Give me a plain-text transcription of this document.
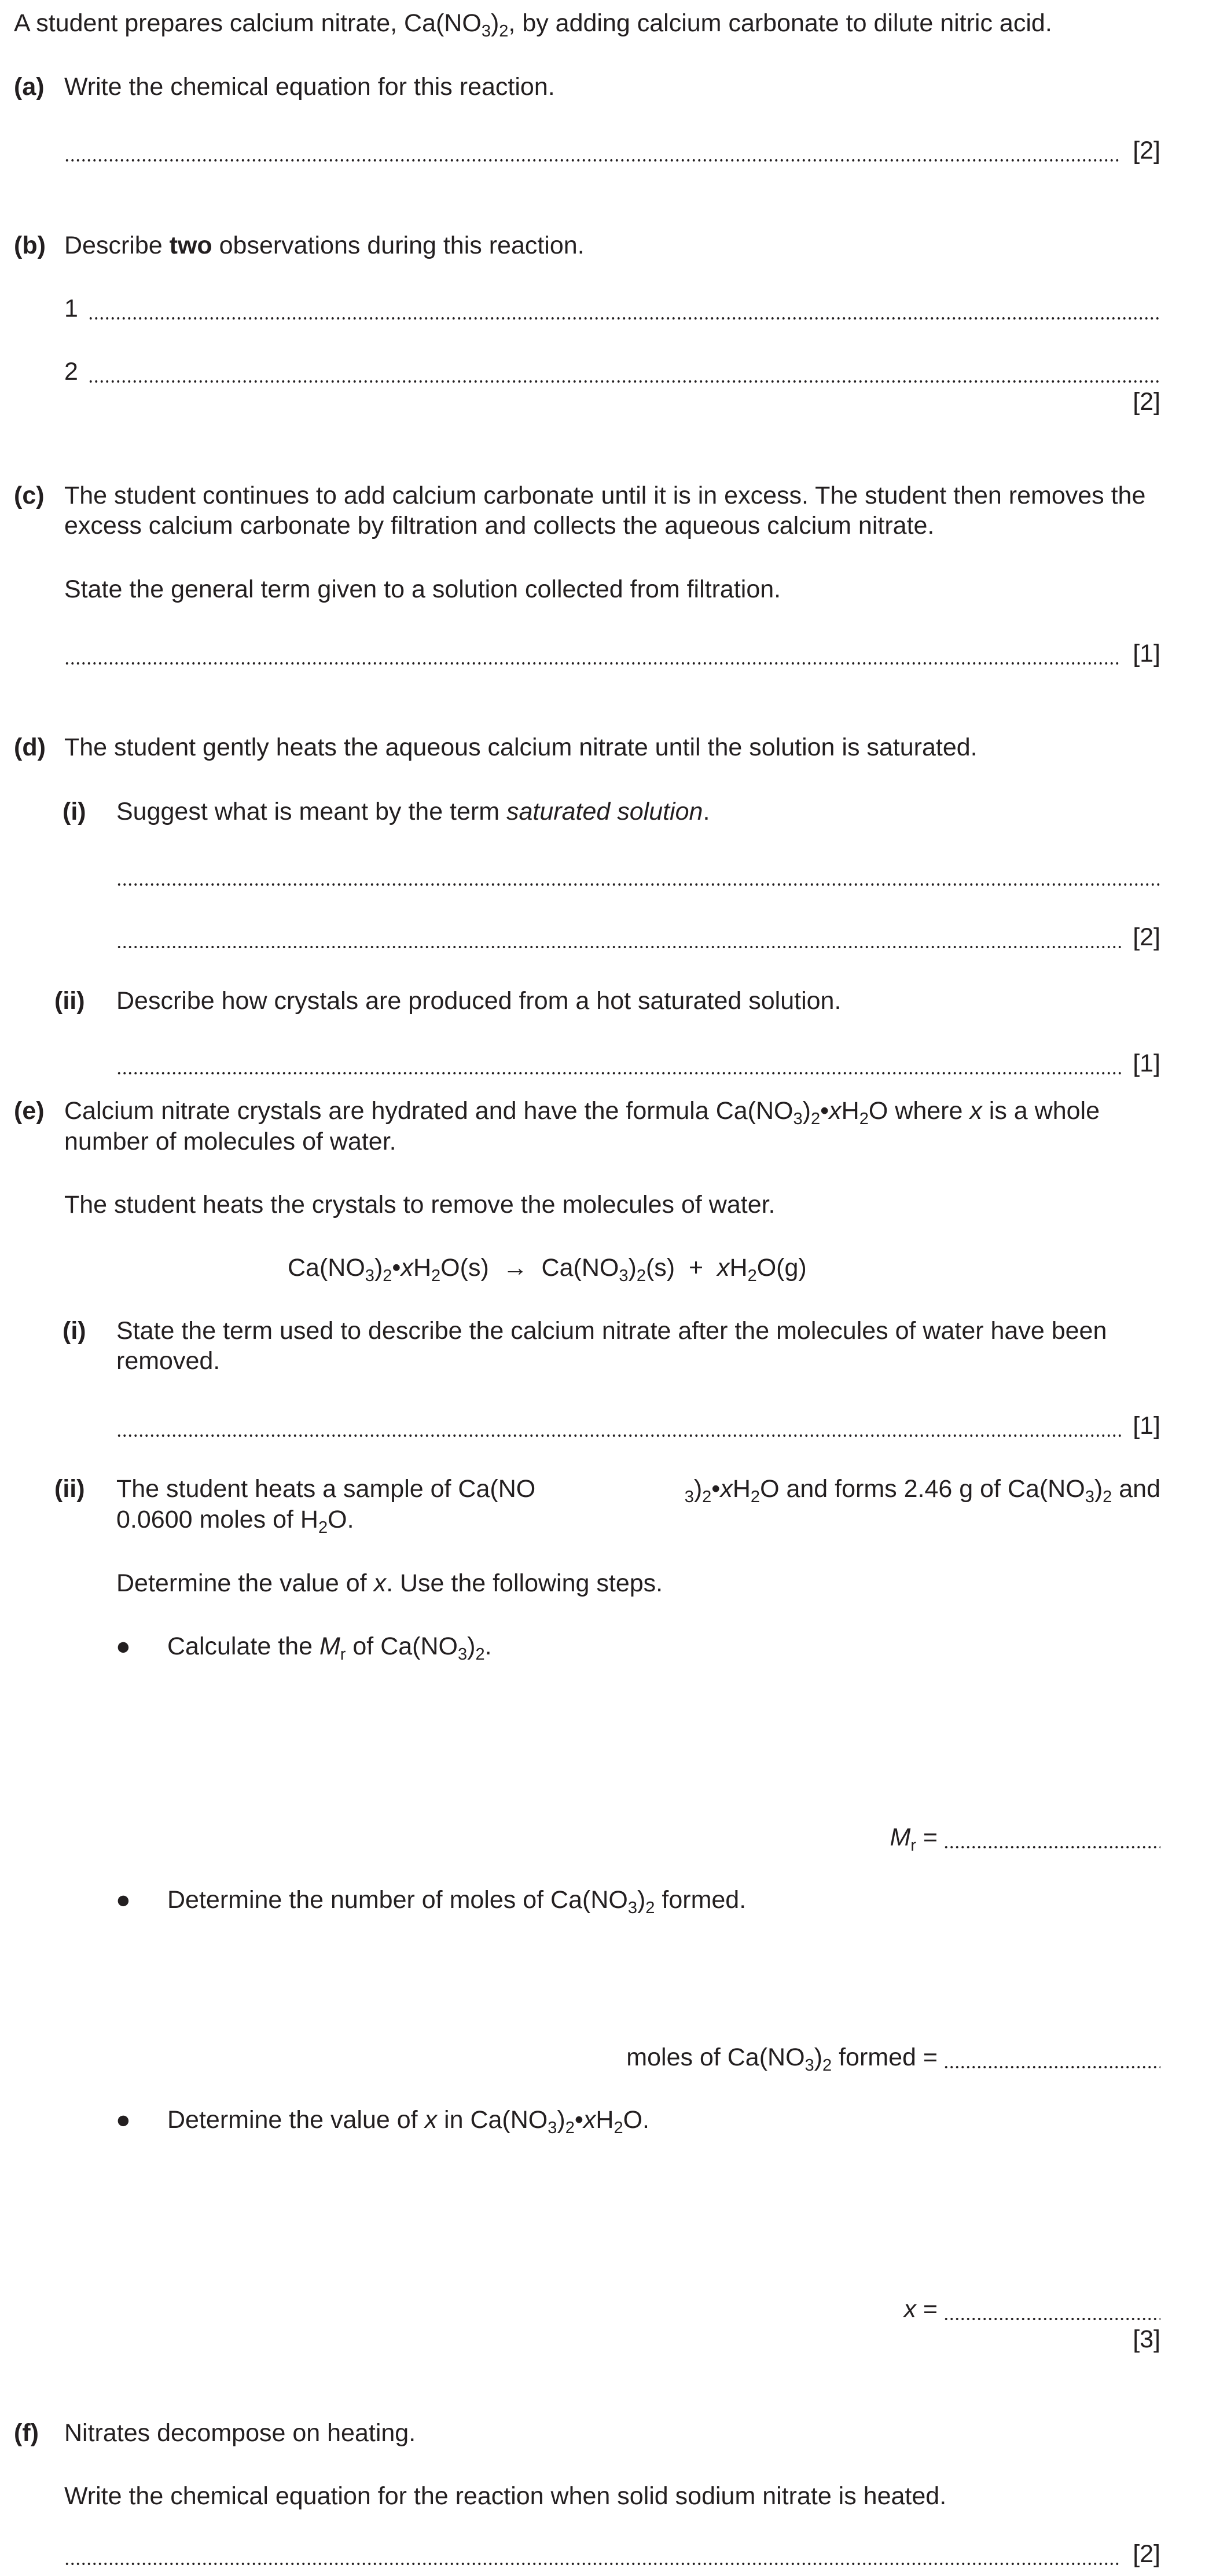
A student prepares calcium nitrate, $Ca(NO_3)_2$, by adding calcium carbonate to dilute nitric acid.
(a) Write the chemical equation for this reaction.
[2]
(b) Describe two observations during this reaction.
1
2
[2]
(c) The student continues to add calcium carbonate until it is in excess. The student then removes the excess calcium carbonate by filtration and collects the aqueous calcium nitrate.
State the general term given to a solution collected from filtration.
[1]
(d) The student gently heats the aqueous calcium nitrate until the solution is saturated.
(i) Suggest what is meant by the term saturated solution.
[2]
(ii) Describe how crystals are produced from a hot saturated solution.
[1]
(e) Calcium nitrate crystals are hydrated and have the formula $Ca(NO_3)_2•xH_2O$ where x is a whole
number of molecules of water.
The student heats the crystals to remove the molecules of water.
$Ca(NO_3)_2•xH_2O(s) \to Ca(NO_3)_2(s) + xH_2O(g)$
(i) State the term used to describe the calcium nitrate after the molecules of water have been removed.
[1]
(ii) The student heats a sample of Ca(NO	$_3)_2•xH_2O$ and forms 2.46 g of $Ca(NO_3)_2$ and
0.0600 moles of $H_2O$.
Determine the value of x. Use the following steps.
● Calculate the $M_r$ of $Ca(NO_3)_2$.
$M_r$ =
● Determine the number of moles of $Ca(NO_3)_2$ formed.
moles of $Ca(NO_3)_2$ formed =
● Determine the value of x in $Ca(NO_3)_2•xH_2O$.
x =
[3]
(f) Nitrates decompose on heating.
Write the chemical equation for the reaction when solid sodium nitrate is heated.
[2]
